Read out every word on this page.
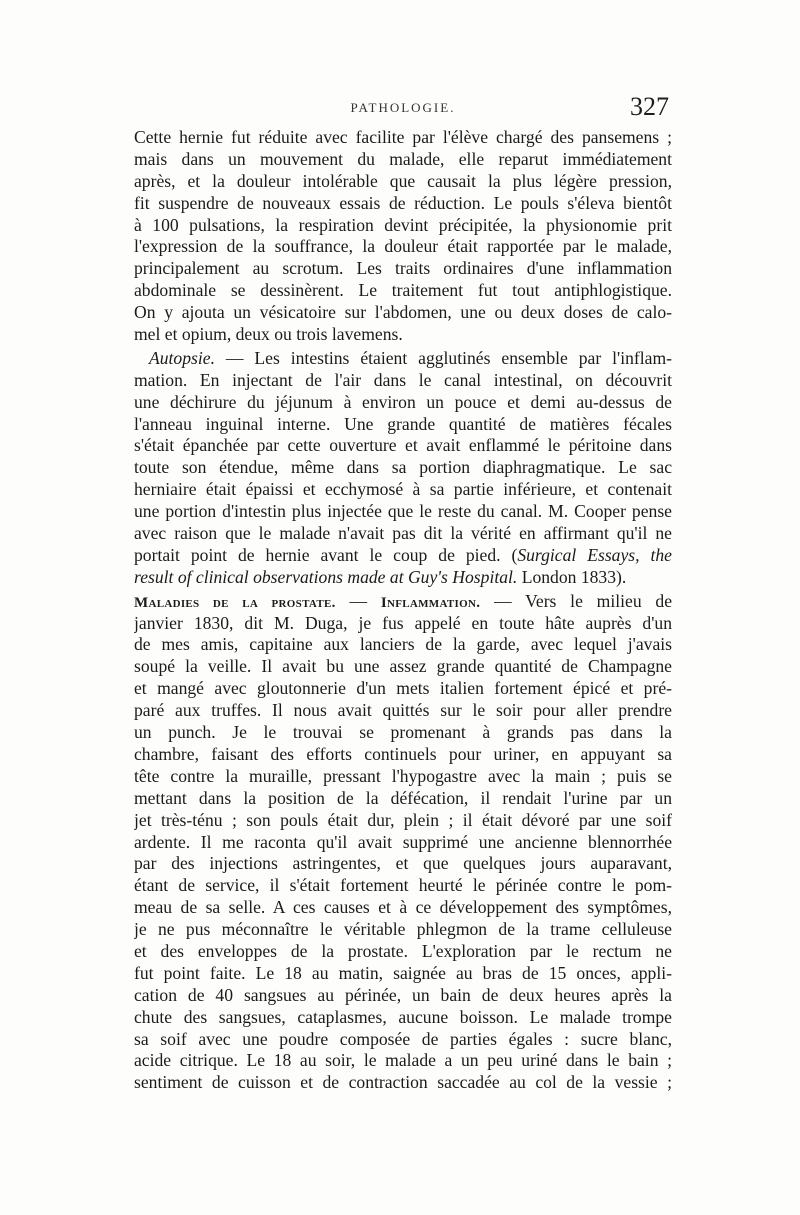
PATHOLOGIE.	327
Cette hernie fut réduite avec facilite par l'élève chargé des pansemens ;
mais dans un mouvement du malade, elle reparut immédiatement
après, et la douleur intolérable que causait la plus légère pression,
fit suspendre de nouveaux essais de réduction. Le pouls s'éleva bientôt
à 100 pulsations, la respiration devint précipitée, la physionomie prit
l'expression de la souffrance, la douleur était rapportée par le malade,
principalement au scrotum. Les traits ordinaires d'une inflammation
abdominale se dessinèrent. Le traitement fut tout antiphlogistique.
On y ajouta un vésicatoire sur l'abdomen, une ou deux doses de calo-
mel et opium, deux ou trois lavemens.
Autopsie. — Les intestins étaient agglutinés ensemble par l'inflam-
mation. En injectant de l'air dans le canal intestinal, on découvrit
une déchirure du jéjunum à environ un pouce et demi au-dessus de
l'anneau inguinal interne. Une grande quantité de matières fécales
s'était épanchée par cette ouverture et avait enflammé le péritoine dans
toute son étendue, même dans sa portion diaphragmatique. Le sac
herniaire était épaissi et ecchymosé à sa partie inférieure, et contenait
une portion d'intestin plus injectée que le reste du canal. M. Cooper pense
avec raison que le malade n'avait pas dit la vérité en affirmant qu'il ne
portait point de hernie avant le coup de pied. (Surgical Essays, the
result of clinical observations made at Guy's Hospital. London 1833).
Maladies de la prostate. — Inflammation. — Vers le milieu de
janvier 1830, dit M. Duga, je fus appelé en toute hâte auprès d'un
de mes amis, capitaine aux lanciers de la garde, avec lequel j'avais
soupé la veille. Il avait bu une assez grande quantité de Champagne
et mangé avec gloutonnerie d'un mets italien fortement épicé et pré-
paré aux truffes. Il nous avait quittés sur le soir pour aller prendre
un punch. Je le trouvai se promenant à grands pas dans la
chambre, faisant des efforts continuels pour uriner, en appuyant sa
tête contre la muraille, pressant l'hypogastre avec la main ; puis se
mettant dans la position de la défécation, il rendait l'urine par un
jet très-ténu ; son pouls était dur, plein ; il était dévoré par une soif
ardente. Il me raconta qu'il avait supprimé une ancienne blennorrhée
par des injections astringentes, et que quelques jours auparavant,
étant de service, il s'était fortement heurté le périnée contre le pom-
meau de sa selle. A ces causes et à ce développement des symptômes,
je ne pus méconnaître le véritable phlegmon de la trame celluleuse
et des enveloppes de la prostate. L'exploration par le rectum ne
fut point faite. Le 18 au matin, saignée au bras de 15 onces, appli-
cation de 40 sangsues au périnée, un bain de deux heures après la
chute des sangsues, cataplasmes, aucune boisson. Le malade trompe
sa soif avec une poudre composée de parties égales : sucre blanc,
acide citrique. Le 18 au soir, le malade a un peu uriné dans le bain ;
sentiment de cuisson et de contraction saccadée au col de la vessie ;
